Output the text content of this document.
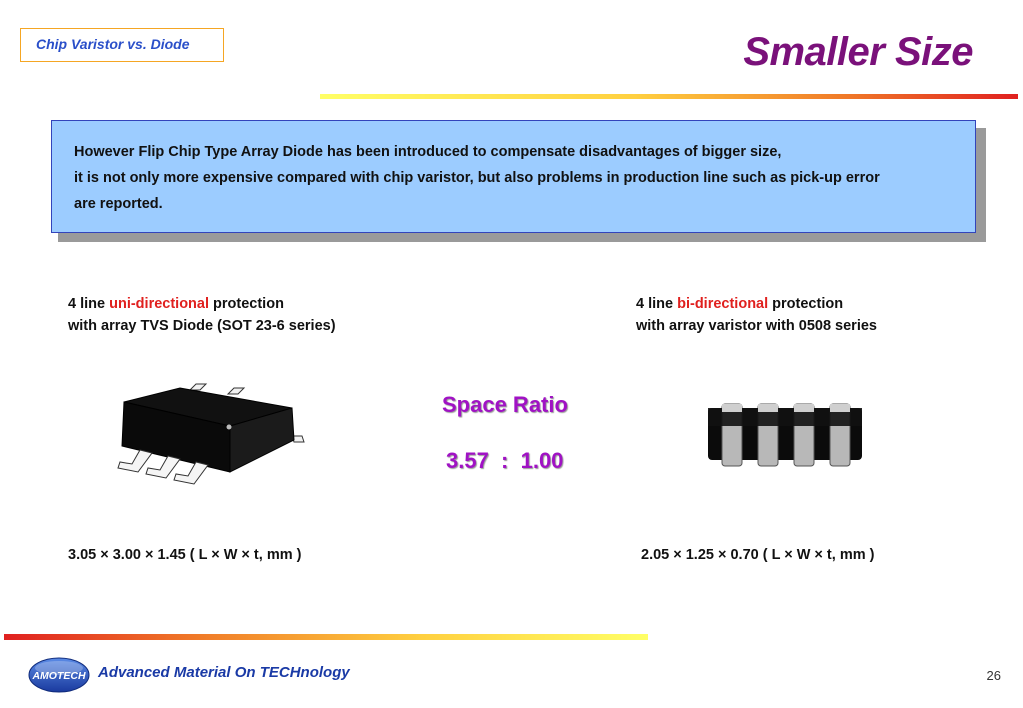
Chip Varistor vs. Diode	Smaller Size
However Flip Chip Type Array Diode has been introduced to compensate disadvantages of bigger size,
it is not only more expensive compared with chip varistor, but also problems in production line such as pick-up error
are reported.
4 line uni-directional protection
with array TVS Diode (SOT 23-6 series)
4 line bi-directional protection
with array varistor with 0508 series
Space Ratio
3.57  :  1.00
3.05 × 3.00 × 1.45 ( L × W × t, mm )	2.05 × 1.25 × 0.70 ( L × W × t, mm )
AMOTECH Advanced Material On TECHnology	26
